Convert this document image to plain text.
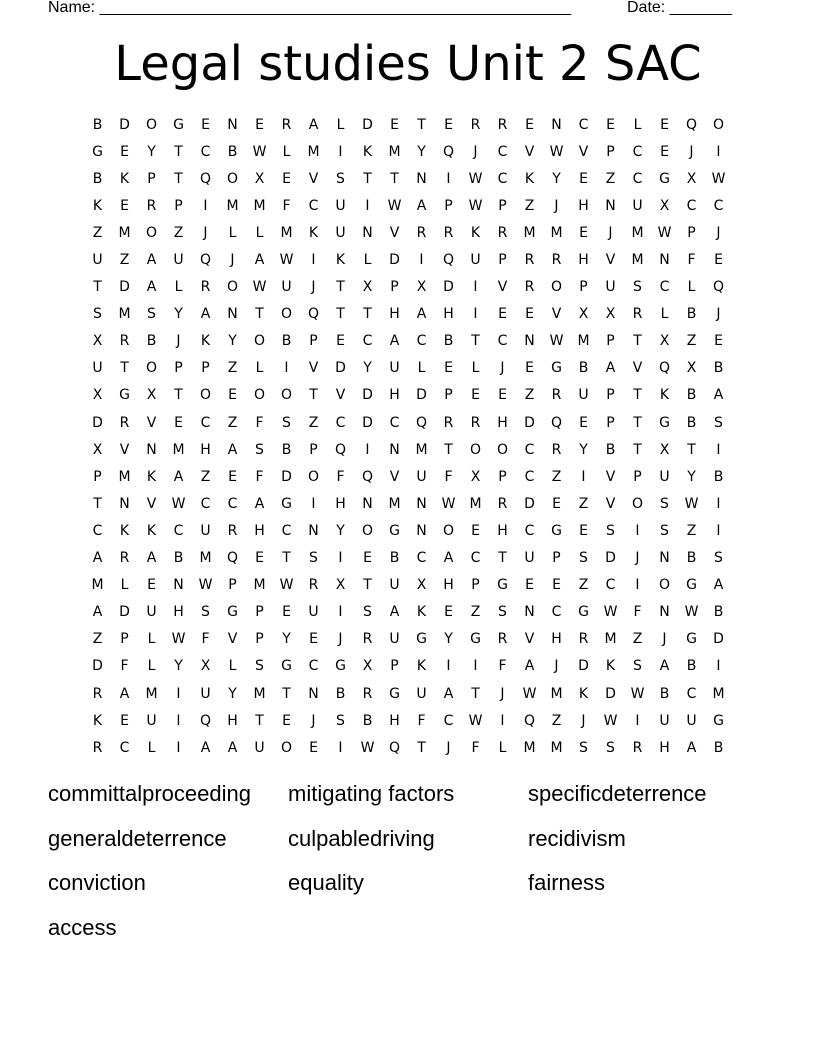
Name: _____________________________________________________	Date: _______
Legal studies Unit 2 SAC
B	D	O	G	E	N	E	R	A	L	D	E	T	E	R	R	E	N	C	E	L	E	Q	O
G	E	Y	T	C	B	W	L	M	I	K	M	Y	Q	J	C	V	W	V	P	C	E	J	I
B	K	P	T	Q	O	X	E	V	S	T	T	N	I	W	C	K	Y	E	Z	C	G	X	W
K	E	R	P	I	M	M	F	C	U	I	W	A	P	W	P	Z	J	H	N	U	X	C	C
Z	M	O	Z	J	L	L	M	K	U	N	V	R	R	K	R	M	M	E	J	M	W	P	J
U	Z	A	U	Q	J	A	W	I	K	L	D	I	Q	U	P	R	R	H	V	M	N	F	E
T	D	A	L	R	O	W	U	J	T	X	P	X	D	I	V	R	O	P	U	S	C	L	Q
S	M	S	Y	A	N	T	O	Q	T	T	H	A	H	I	E	E	V	X	X	R	L	B	J
X	R	B	J	K	Y	O	B	P	E	C	A	C	B	T	C	N	W	M	P	T	X	Z	E
U	T	O	P	P	Z	L	I	V	D	Y	U	L	E	L	J	E	G	B	A	V	Q	X	B
X	G	X	T	O	E	O	O	T	V	D	H	D	P	E	E	Z	R	U	P	T	K	B	A
D	R	V	E	C	Z	F	S	Z	C	D	C	Q	R	R	H	D	Q	E	P	T	G	B	S
X	V	N	M	H	A	S	B	P	Q	I	N	M	T	O	O	C	R	Y	B	T	X	T	I
P	M	K	A	Z	E	F	D	O	F	Q	V	U	F	X	P	C	Z	I	V	P	U	Y	B
T	N	V	W	C	C	A	G	I	H	N	M	N	W	M	R	D	E	Z	V	O	S	W	I
C	K	K	C	U	R	H	C	N	Y	O	G	N	O	E	H	C	G	E	S	I	S	Z	I
A	R	A	B	M	Q	E	T	S	I	E	B	C	A	C	T	U	P	S	D	J	N	B	S
M	L	E	N	W	P	M	W	R	X	T	U	X	H	P	G	E	E	Z	C	I	O	G	A
A	D	U	H	S	G	P	E	U	I	S	A	K	E	Z	S	N	C	G	W	F	N	W	B
Z	P	L	W	F	V	P	Y	E	J	R	U	G	Y	G	R	V	H	R	M	Z	J	G	D
D	F	L	Y	X	L	S	G	C	G	X	P	K	I	I	F	A	J	D	K	S	A	B	I
R	A	M	I	U	Y	M	T	N	B	R	G	U	A	T	J	W	M	K	D	W	B	C	M
K	E	U	I	Q	H	T	E	J	S	B	H	F	C	W	I	Q	Z	J	W	I	U	U	G
R	C	L	I	A	A	U	O	E	I	W	Q	T	J	F	L	M	M	S	S	R	H	A	B
committalproceeding	mitigating factors	specificdeterrence
generaldeterrence	culpabledriving	recidivism
conviction	equality	fairness
access
